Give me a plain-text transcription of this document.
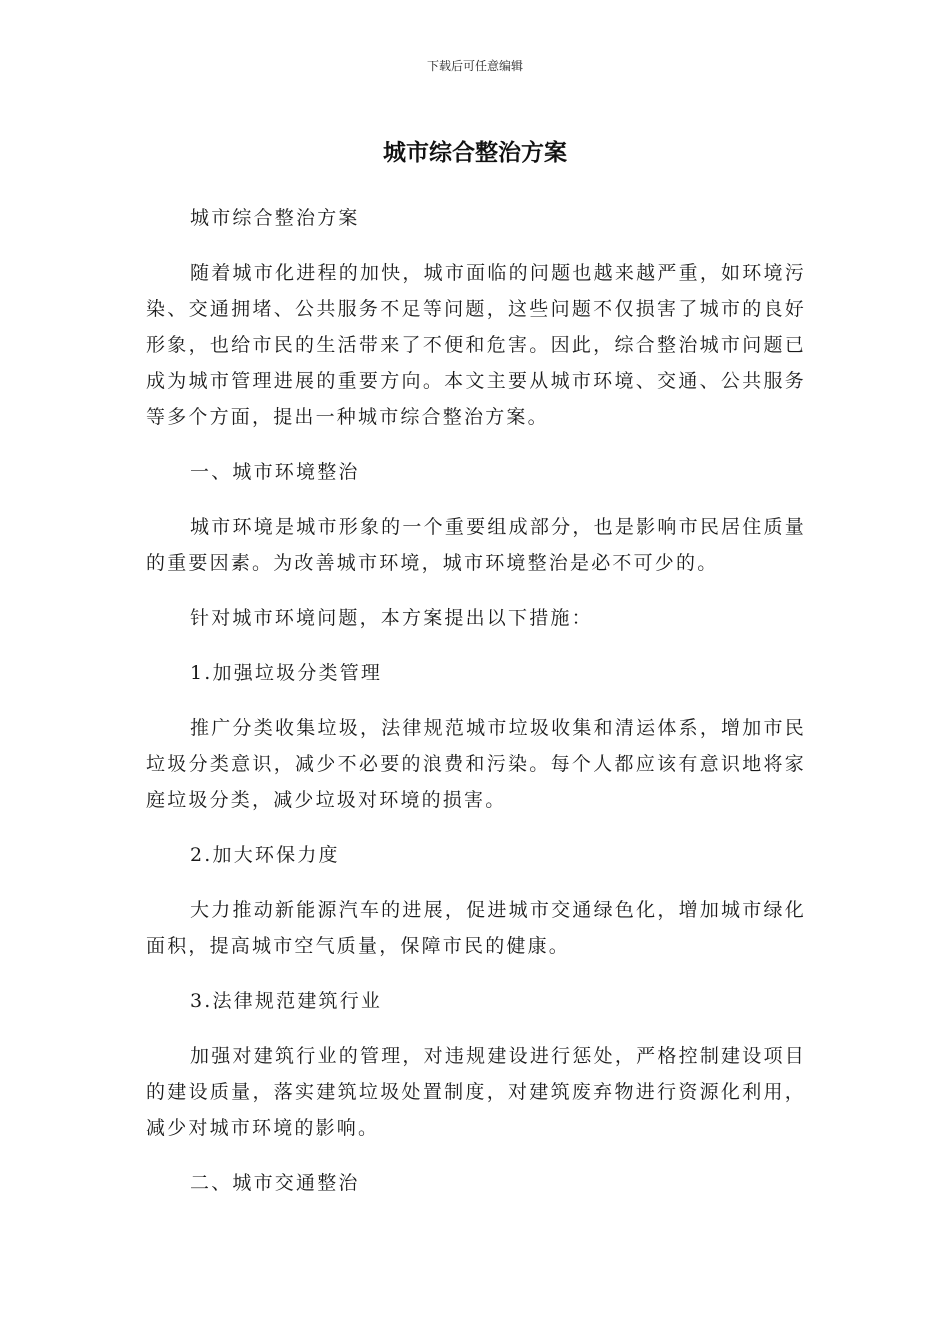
下载后可任意编辑
城市综合整治方案

城市综合整治方案

随着城市化进程的加快，城市面临的问题也越来越严重，如环境污染、交通拥堵、公共服务不足等问题，这些问题不仅损害了城市的良好形象，也给市民的生活带来了不便和危害。因此，综合整治城市问题已成为城市管理进展的重要方向。本文主要从城市环境、交通、公共服务等多个方面，提出一种城市综合整治方案。

一、城市环境整治

城市环境是城市形象的一个重要组成部分，也是影响市民居住质量的重要因素。为改善城市环境，城市环境整治是必不可少的。

针对城市环境问题，本方案提出以下措施：

1.加强垃圾分类管理

推广分类收集垃圾，法律规范城市垃圾收集和清运体系，增加市民垃圾分类意识，减少不必要的浪费和污染。每个人都应该有意识地将家庭垃圾分类，减少垃圾对环境的损害。

2.加大环保力度

大力推动新能源汽车的进展，促进城市交通绿色化，增加城市绿化面积，提高城市空气质量，保障市民的健康。

3.法律规范建筑行业

加强对建筑行业的管理，对违规建设进行惩处，严格控制建设项目的建设质量，落实建筑垃圾处置制度，对建筑废弃物进行资源化利用，减少对城市环境的影响。

二、城市交通整治
